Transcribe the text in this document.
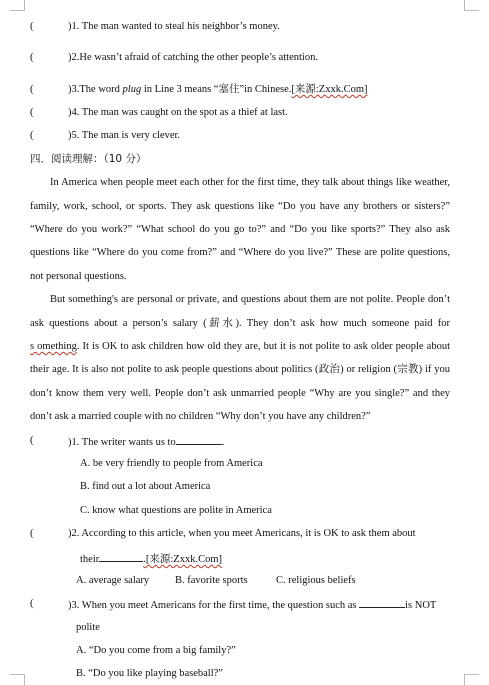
(	)1. The man wanted to steal his neighbor’s money.
(	)2.He wasn’t afraid of catching the other people’s attention.
(	)3.The word plug in Line 3 means “塞住”in Chinese.[来源:Zxxk.Com]
(	)4. The man was caught on the spot as a thief at last.
(	)5. The man is very clever.
四．阅读理解：（10 分）
In America when people meet each other for the first time, they talk about things like weather,
family, work, school, or sports. They ask questions like “Do you have any brothers or sisters?”
“Where do you work?” “What school do you go to?” and “Do you like sports?” They also ask
questions like “Where do you come from?” and “Where do you live?” These are polite questions,
not personal questions.
But something's are personal or private, and questions about them are not polite. People don’t
ask questions about a person’s salary (薪水). They don’t ask how much someone paid for
s omething. It is OK to ask children how old they are, but it is not polite to ask older people about
their age. It is also not polite to ask people questions about politics (政治) or religion (宗教) if you
don’t know them very well. People don’t ask unmarried people “Why are you single?” and they
don’t ask a married couple with no children “Why don’t you have any children?”
(	)1. The writer wants us to	.
A. be very friendly to people from America
B. find out a lot about America
C. know what questions are polite in America
(	)2. According to this article, when you meet Americans, it is OK to ask them about
their	.[来源:Zxxk.Com]
A. average salary B. favorite sports	C. religious beliefs
(	)3. When you meet Americans for the first time, the question such as	is NOT
polite
A. “Do you come from a big family?”
B. “Do you like playing baseball?”
